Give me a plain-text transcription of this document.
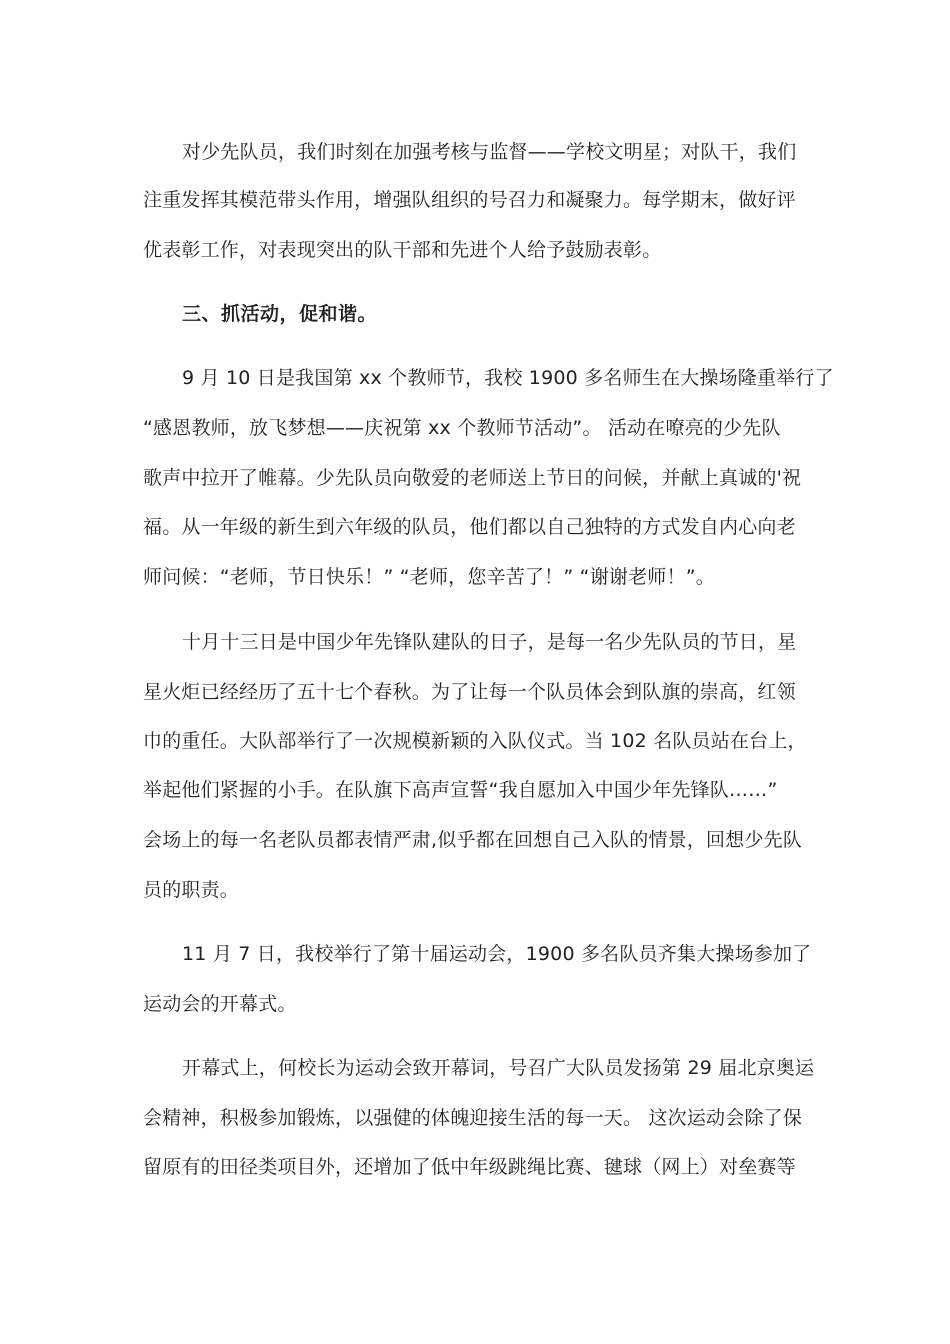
对少先队员，我们时刻在加强考核与监督——学校文明星；对队干，我们
注重发挥其模范带头作用，增强队组织的号召力和凝聚力。每学期末，做好评
优表彰工作，对表现突出的队干部和先进个人给予鼓励表彰。
三、抓活动，促和谐。
9 月 10 日是我国第 xx 个教师节，我校 1900 多名师生在大操场隆重举行了
“感恩教师，放飞梦想——庆祝第 xx 个教师节活动”。 活动在嘹亮的少先队
歌声中拉开了帷幕。少先队员向敬爱的老师送上节日的问候，并献上真诚的'祝
福。从一年级的新生到六年级的队员，他们都以自己独特的方式发自内心向老
师问候：“老师，节日快乐！” “老师，您辛苦了！” “谢谢老师！”。
十月十三日是中国少年先锋队建队的日子，是每一名少先队员的节日，星
星火炬已经经历了五十七个春秋。为了让每一个队员体会到队旗的崇高，红领
巾的重任。大队部举行了一次规模新颖的入队仪式。当 102 名队员站在台上，
举起他们紧握的小手。在队旗下高声宣誓“我自愿加入中国少年先锋队……”
会场上的每一名老队员都表情严肃,似乎都在回想自己入队的情景，回想少先队
员的职责。
11 月 7 日，我校举行了第十届运动会，1900 多名队员齐集大操场参加了
运动会的开幕式。
开幕式上，何校长为运动会致开幕词，号召广大队员发扬第 29 届北京奥运
会精神，积极参加锻炼，以强健的体魄迎接生活的每一天。 这次运动会除了保
留原有的田径类项目外，还增加了低中年级跳绳比赛、毽球（网上）对垒赛等
